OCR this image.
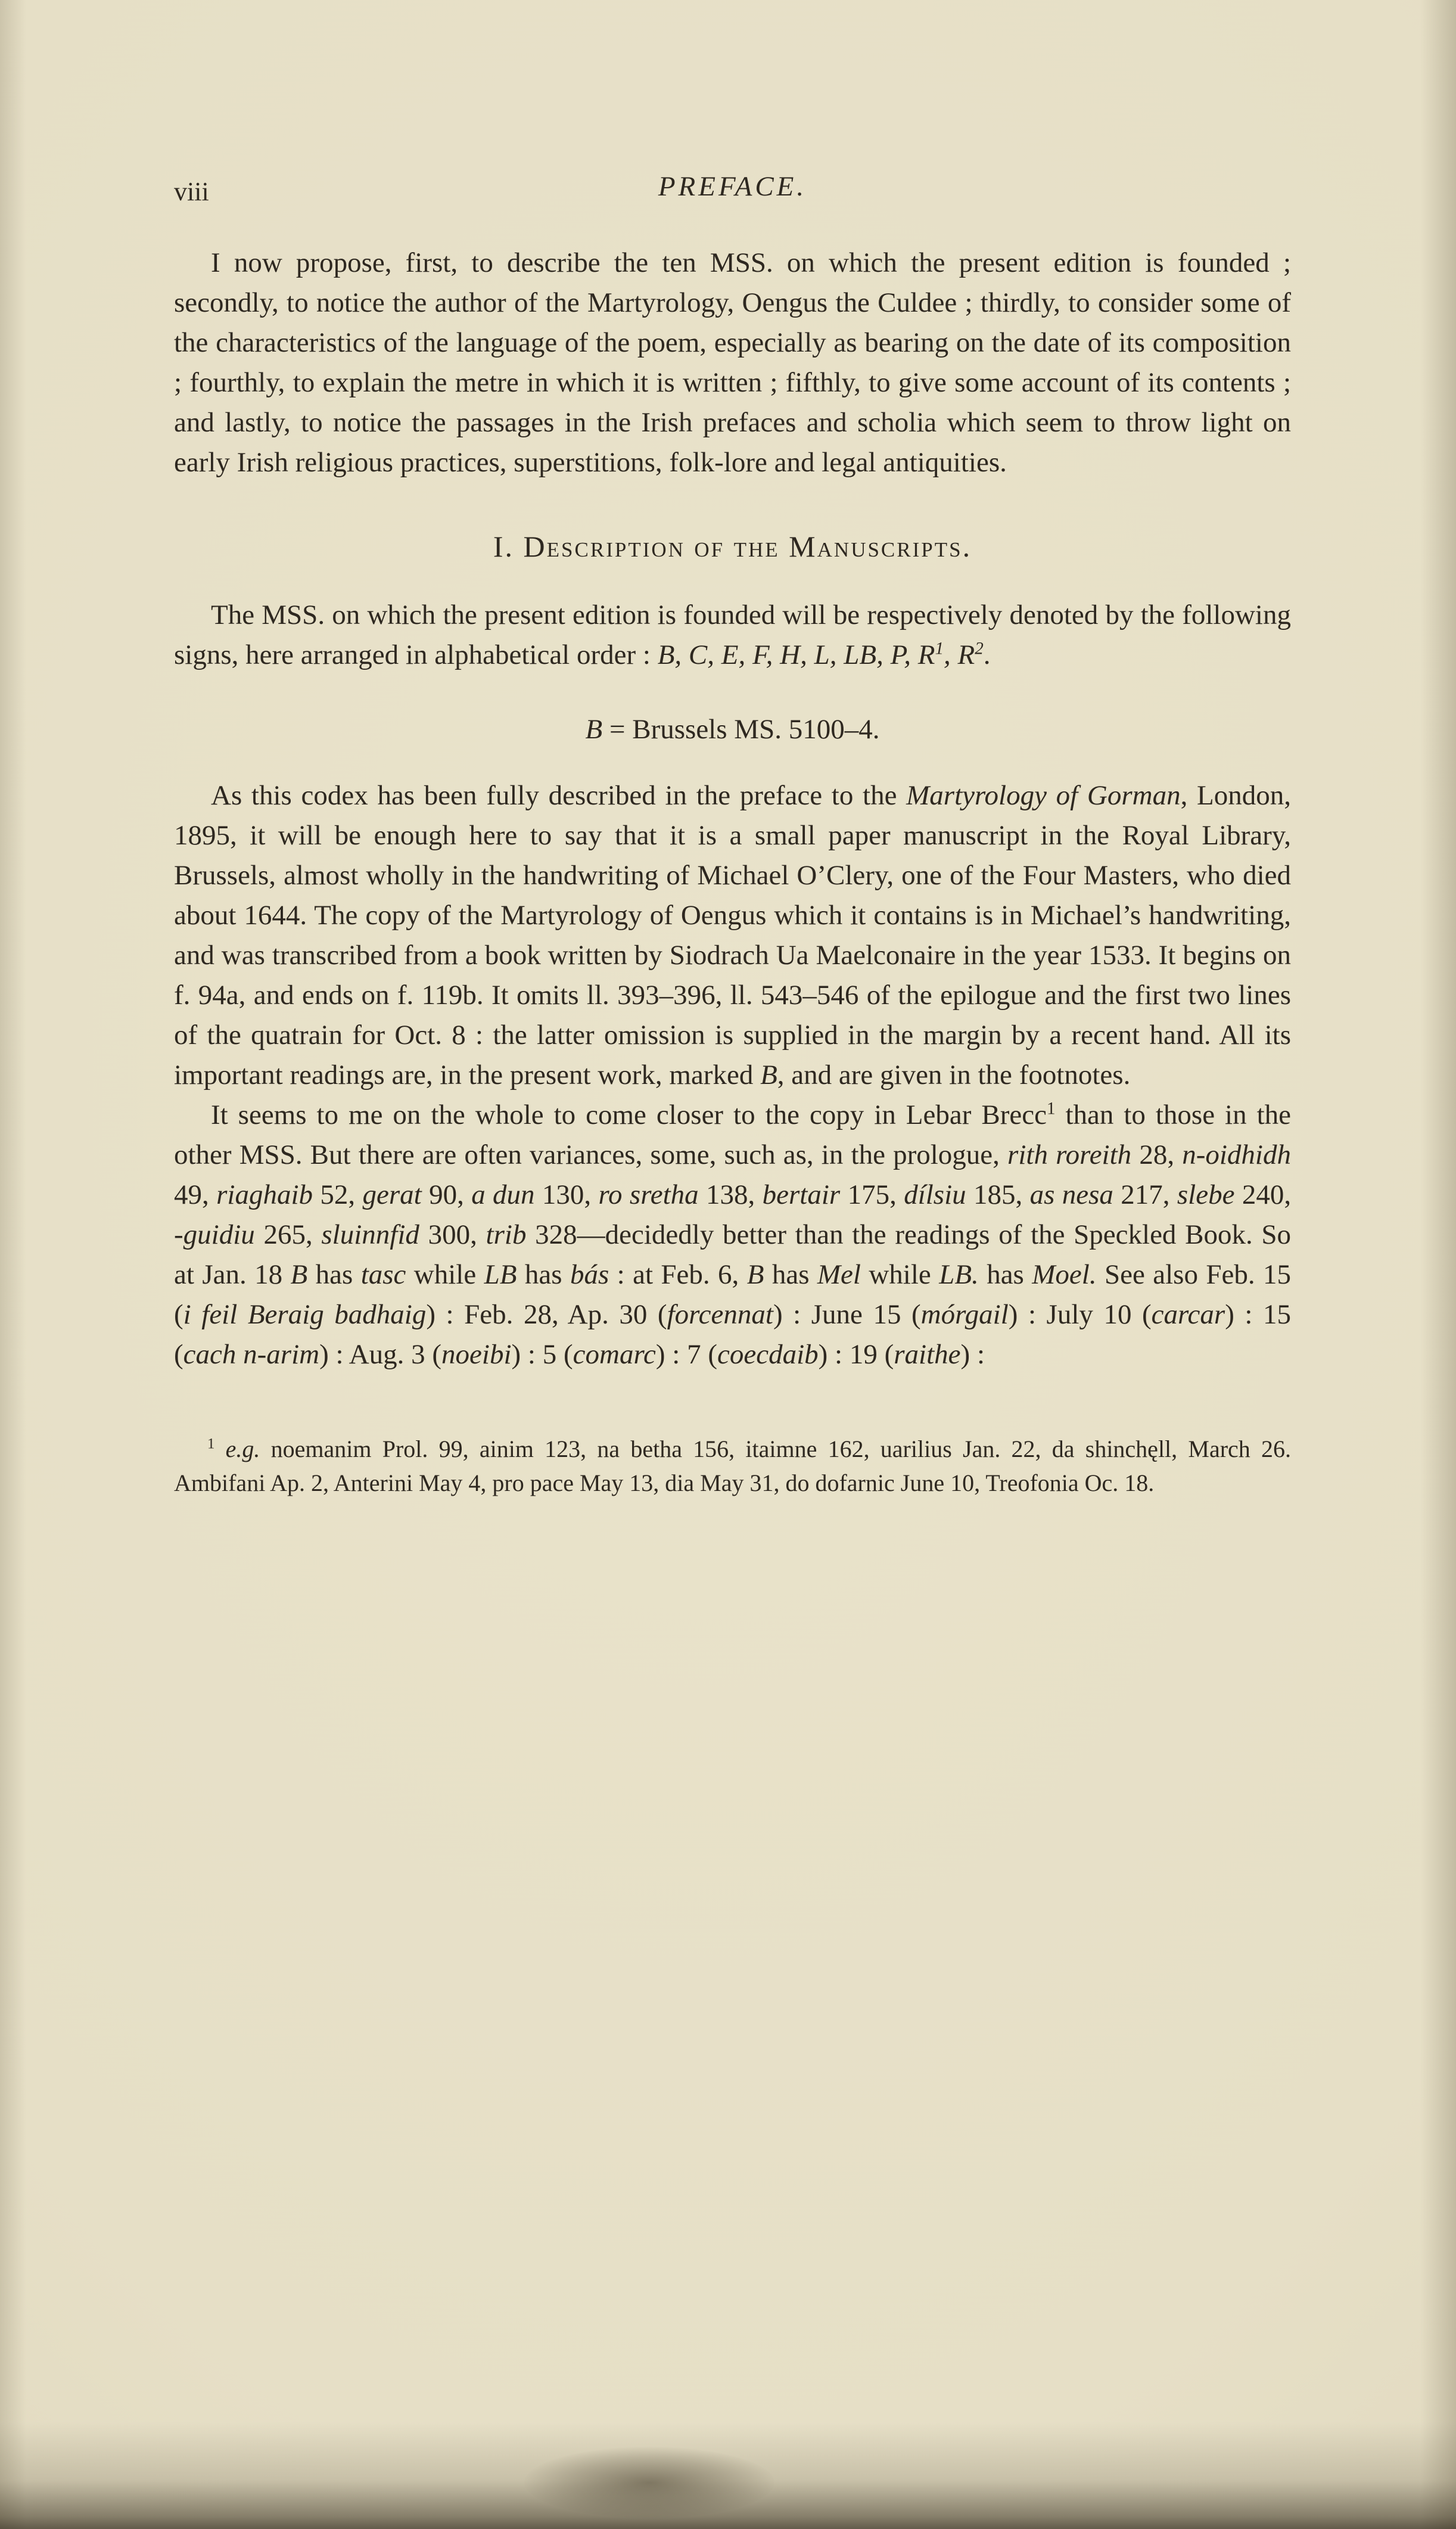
viii	PREFACE.

I now propose, first, to describe the ten MSS. on which the present edition is founded ; secondly, to notice the author of the Martyrology, Oengus the Culdee ; thirdly, to consider some of the characteristics of the language of the poem, especially as bearing on the date of its composition ; fourthly, to explain the metre in which it is written ; fifthly, to give some account of its contents ; and lastly, to notice the passages in the Irish prefaces and scholia which seem to throw light on early Irish religious practices, superstitions, folk-lore and legal antiquities.

I. Description of the Manuscripts.

The MSS. on which the present edition is founded will be respectively denoted by the following signs, here arranged in alphabetical order : B, C, E, F, H, L, LB, P, $R^1$, $R^2$.

B = Brussels MS. 5100–4.

As this codex has been fully described in the preface to the Martyrology of Gorman, London, 1895, it will be enough here to say that it is a small paper manuscript in the Royal Library, Brussels, almost wholly in the handwriting of Michael O’Clery, one of the Four Masters, who died about 1644. The copy of the Martyrology of Oengus which it contains is in Michael’s handwriting, and was transcribed from a book written by Siodrach Ua Maelconaire in the year 1533. It begins on f. 94a, and ends on f. 119b. It omits ll. 393–396, ll. 543–546 of the epilogue and the first two lines of the quatrain for Oct. 8 : the latter omission is supplied in the margin by a recent hand. All its important readings are, in the present work, marked B, and are given in the footnotes.

It seems to me on the whole to come closer to the copy in Lebar Brecc$^1$ than to those in the other MSS. But there are often variances, some, such as, in the prologue, rith roreith 28, n-oidhidh 49, riaghaib 52, gerat 90, a dun 130, ro sretha 138, bertair 175, dílsiu 185, as nesa 217, slebe 240, -guidiu 265, sluinnfid 300, trib 328—decidedly better than the readings of the Speckled Book. So at Jan. 18 B has tasc while LB has bás : at Feb. 6, B has Mel while LB. has Moel. See also Feb. 15 (i feil Beraig badhaig) : Feb. 28, Ap. 30 (forcennat) : June 15 (mórgail) : July 10 (carcar) : 15 (cach n-arim) : Aug. 3 (noeibi) : 5 (comarc) : 7 (coecdaib) : 19 (raithe) :

$^1$ e.g. noemanim Prol. 99, ainim 123, na betha 156, itaimne 162, uarilius Jan. 22, da shinchęll, March 26. Ambifani Ap. 2, Anterini May 4, pro pace May 13, dia May 31, do dofarnic June 10, Treofonia Oc. 18.
